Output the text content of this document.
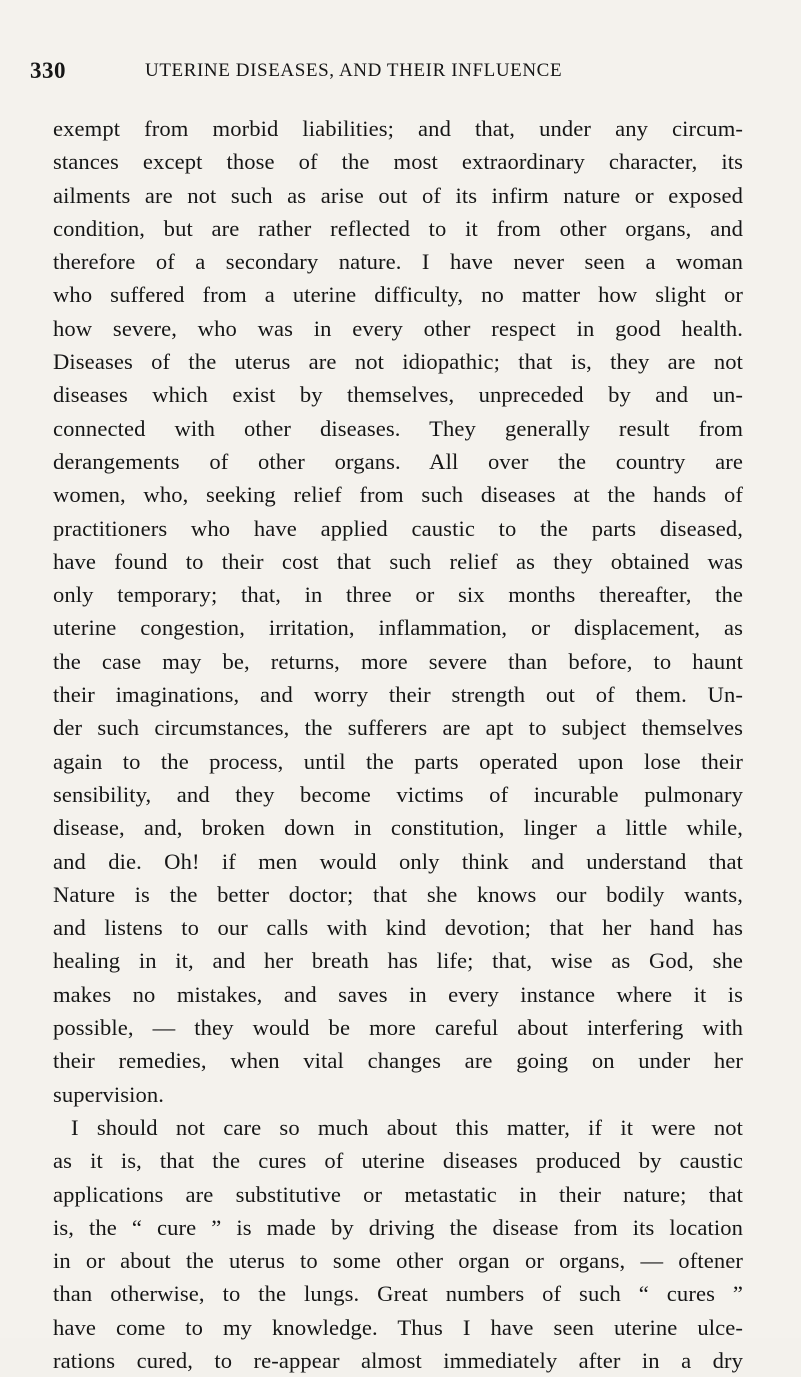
330	UTERINE DISEASES, AND THEIR INFLUENCE
exempt from morbid liabilities; and that, under any circum-
stances except those of the most extraordinary character, its
ailments are not such as arise out of its infirm nature or exposed
condition, but are rather reflected to it from other organs, and
therefore of a secondary nature. I have never seen a woman
who suffered from a uterine difficulty, no matter how slight or
how severe, who was in every other respect in good health.
Diseases of the uterus are not idiopathic; that is, they are not
diseases which exist by themselves, unpreceded by and un-
connected with other diseases. They generally result from
derangements of other organs. All over the country are
women, who, seeking relief from such diseases at the hands of
practitioners who have applied caustic to the parts diseased,
have found to their cost that such relief as they obtained was
only temporary; that, in three or six months thereafter, the
uterine congestion, irritation, inflammation, or displacement, as
the case may be, returns, more severe than before, to haunt
their imaginations, and worry their strength out of them. Un-
der such circumstances, the sufferers are apt to subject themselves
again to the process, until the parts operated upon lose their
sensibility, and they become victims of incurable pulmonary
disease, and, broken down in constitution, linger a little while,
and die. Oh! if men would only think and understand that
Nature is the better doctor; that she knows our bodily wants,
and listens to our calls with kind devotion; that her hand has
healing in it, and her breath has life; that, wise as God, she
makes no mistakes, and saves in every instance where it is
possible, — they would be more careful about interfering with
their remedies, when vital changes are going on under her
supervision.
I should not care so much about this matter, if it were not
as it is, that the cures of uterine diseases produced by caustic
applications are substitutive or metastatic in their nature; that
is, the “ cure ” is made by driving the disease from its location
in or about the uterus to some other organ or organs, — oftener
than otherwise, to the lungs. Great numbers of such “ cures ”
have come to my knowledge. Thus I have seen uterine ulce-
rations cured, to re-appear almost immediately after in a dry
